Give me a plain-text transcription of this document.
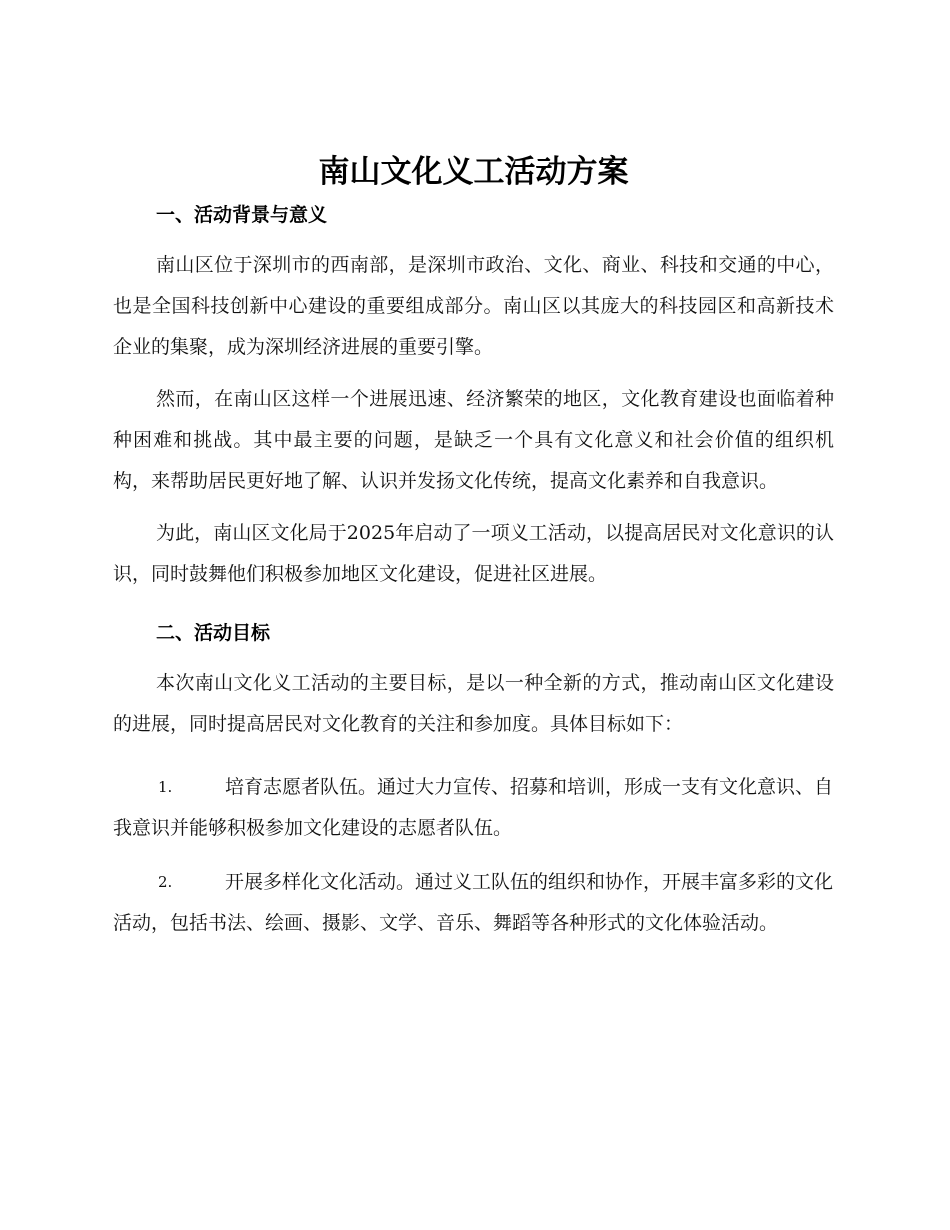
南山文化义工活动方案
一、活动背景与意义

南山区位于深圳市的西南部，是深圳市政治、文化、商业、科技和交通的中心，也是全国科技创新中心建设的重要组成部分。南山区以其庞大的科技园区和高新技术企业的集聚，成为深圳经济进展的重要引擎。

然而，在南山区这样一个进展迅速、经济繁荣的地区，文化教育建设也面临着种种困难和挑战。其中最主要的问题，是缺乏一个具有文化意义和社会价值的组织机构，来帮助居民更好地了解、认识并发扬文化传统，提高文化素养和自我意识。

为此，南山区文化局于2025年启动了一项义工活动，以提高居民对文化意识的认识，同时鼓舞他们积极参加地区文化建设，促进社区进展。

二、活动目标

本次南山文化义工活动的主要目标，是以一种全新的方式，推动南山区文化建设的进展，同时提高居民对文化教育的关注和参加度。具体目标如下：

1.	培育志愿者队伍。通过大力宣传、招募和培训，形成一支有文化意识、自我意识并能够积极参加文化建设的志愿者队伍。

2.	开展多样化文化活动。通过义工队伍的组织和协作，开展丰富多彩的文化活动，包括书法、绘画、摄影、文学、音乐、舞蹈等各种形式的文化体验活动。
